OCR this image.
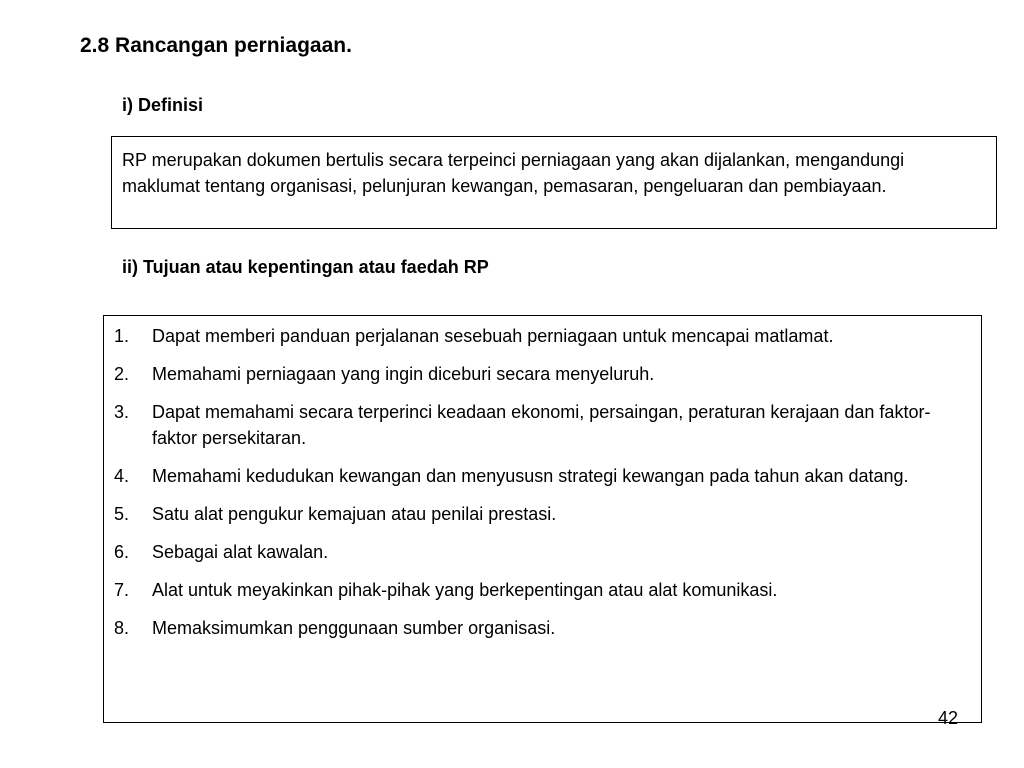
2.8 Rancangan perniagaan.
i) Definisi
RP merupakan dokumen bertulis secara terpeinci perniagaan yang akan dijalankan, mengandungi maklumat tentang organisasi, pelunjuran kewangan, pemasaran, pengeluaran dan pembiayaan.
ii) Tujuan atau kepentingan atau faedah RP
1.	Dapat memberi panduan perjalanan sesebuah perniagaan untuk mencapai matlamat.
2.	Memahami perniagaan yang ingin diceburi secara menyeluruh.
3.	Dapat memahami secara terperinci keadaan ekonomi, persaingan, peraturan kerajaan dan faktor-faktor persekitaran.
4.	Memahami kedudukan kewangan dan menyususn strategi kewangan pada tahun akan datang.
5.	Satu alat pengukur kemajuan atau penilai prestasi.
6.	Sebagai alat kawalan.
7.	Alat untuk meyakinkan pihak-pihak yang berkepentingan atau alat komunikasi.
8.	Memaksimumkan penggunaan sumber organisasi.
42
